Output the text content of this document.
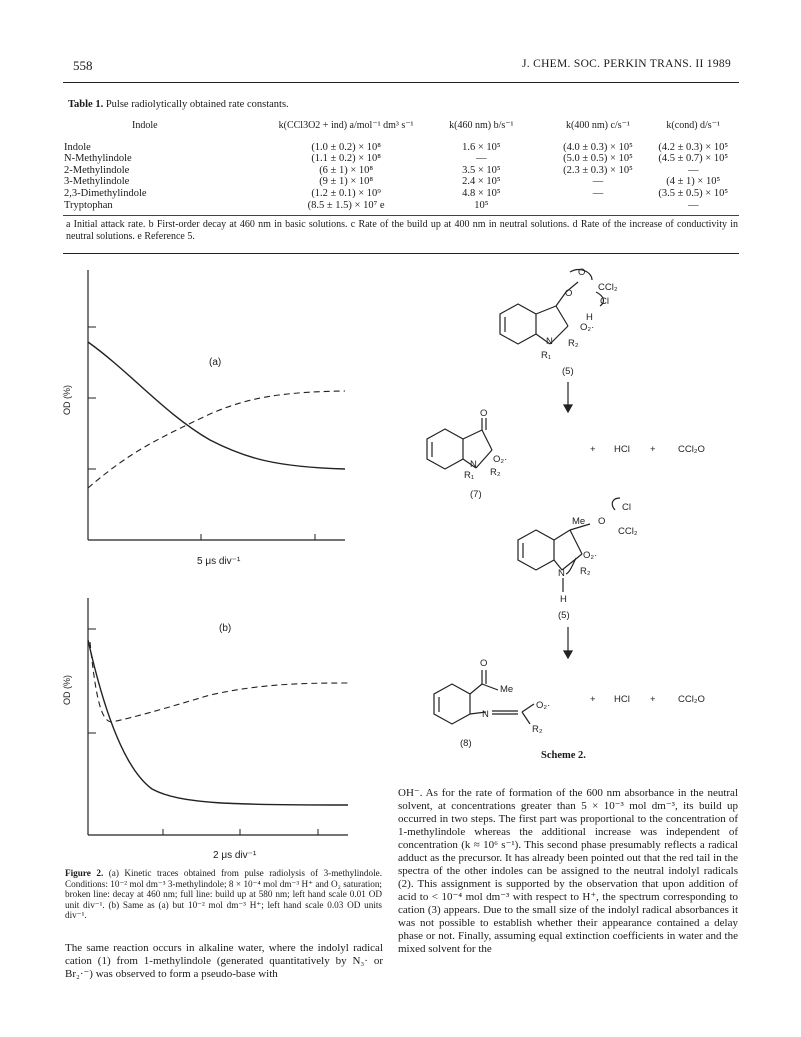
558	J. CHEM. SOC. PERKIN TRANS. II 1989
Table 1. Pulse radiolytically obtained rate constants.
Indole	k(CCl3O2 + ind) a/mol⁻¹ dm³ s⁻¹	k(460 nm) b/s⁻¹	k(400 nm) c/s⁻¹	k(cond) d/s⁻¹
Indole	(1.0 ± 0.2) × 10⁸	1.6 × 10⁵	(4.0 ± 0.3) × 10⁵	(4.2 ± 0.3) × 10⁵
N-Methylindole	(1.1 ± 0.2) × 10⁸	—	(5.0 ± 0.5) × 10⁵	(4.5 ± 0.7) × 10⁵
2-Methylindole	(6 ± 1) × 10⁸	3.5 × 10⁵	(2.3 ± 0.3) × 10⁵	—
3-Methylindole	(9 ± 1) × 10⁸	2.4 × 10⁵	—	(4 ± 1) × 10⁵
2,3-Dimethylindole	(1.2 ± 0.1) × 10⁹	4.8 × 10⁵	—	(3.5 ± 0.5) × 10⁵
Tryptophan	(8.5 ± 1.5) × 10⁷ e	10⁵		—
a Initial attack rate. b First-order decay at 460 nm in basic solutions. c Rate of the build up at 400 nm in neutral solutions. d Rate of the increase of conductivity in neutral solutions. e Reference 5.
(a)
(b)
OD (%)
OD (%)
5 μs div⁻¹
2 μs div⁻¹
Figure 2. (a) Kinetic traces obtained from pulse radiolysis of 3-methylindole. Conditions: 10⁻² mol dm⁻³ 3-methylindole; 8 × 10⁻⁴ mol dm⁻³ H⁺ and O₂ saturation; broken line: decay at 460 nm; full line: build up at 580 nm; left hand scale 0.01 OD unit div⁻¹. (b) Same as (a) but 10⁻² mol dm⁻³ H⁺; left hand scale 0.03 OD units div⁻¹.
The same reaction occurs in alkaline water, where the indolyl radical cation (1) from 1-methylindole (generated quantitatively by N₃· or Br₂·⁻) was observed to form a pseudo-base with
O
CCl₂
Cl
O
H
O₂·
N
R₁
R₂
(5)
O
O₂·
N
R₁ R₂
(7)
+ HCl + CCl₂O
Cl
O
CCl₂
Me
O₂·
N R₂
H
(5)
O
Me
N
O₂·
R₂
(8)
+ HCl + CCl₂O
Scheme 2.
OH⁻. As for the rate of formation of the 600 nm absorbance in the neutral solvent, at concentrations greater than 5 × 10⁻³ mol dm⁻³, its build up occurred in two steps. The first part was proportional to the concentration of 1-methylindole whereas the additional increase was independent of concentration (k ≈ 10⁶ s⁻¹). This second phase presumably reflects a radical adduct as the precursor. It has already been pointed out that the red tail in the spectra of the other indoles can be assigned to the neutral indolyl radicals (2). This assignment is supported by the observation that upon addition of acid to < 10⁻⁴ mol dm⁻³ with respect to H⁺, the spectrum corresponding to cation (3) appears. Due to the small size of the indolyl radical absorbances it was not possible to establish whether their appearance contained a delay phase or not. Finally, assuming equal extinction coefficients in water and the mixed solvent for the
